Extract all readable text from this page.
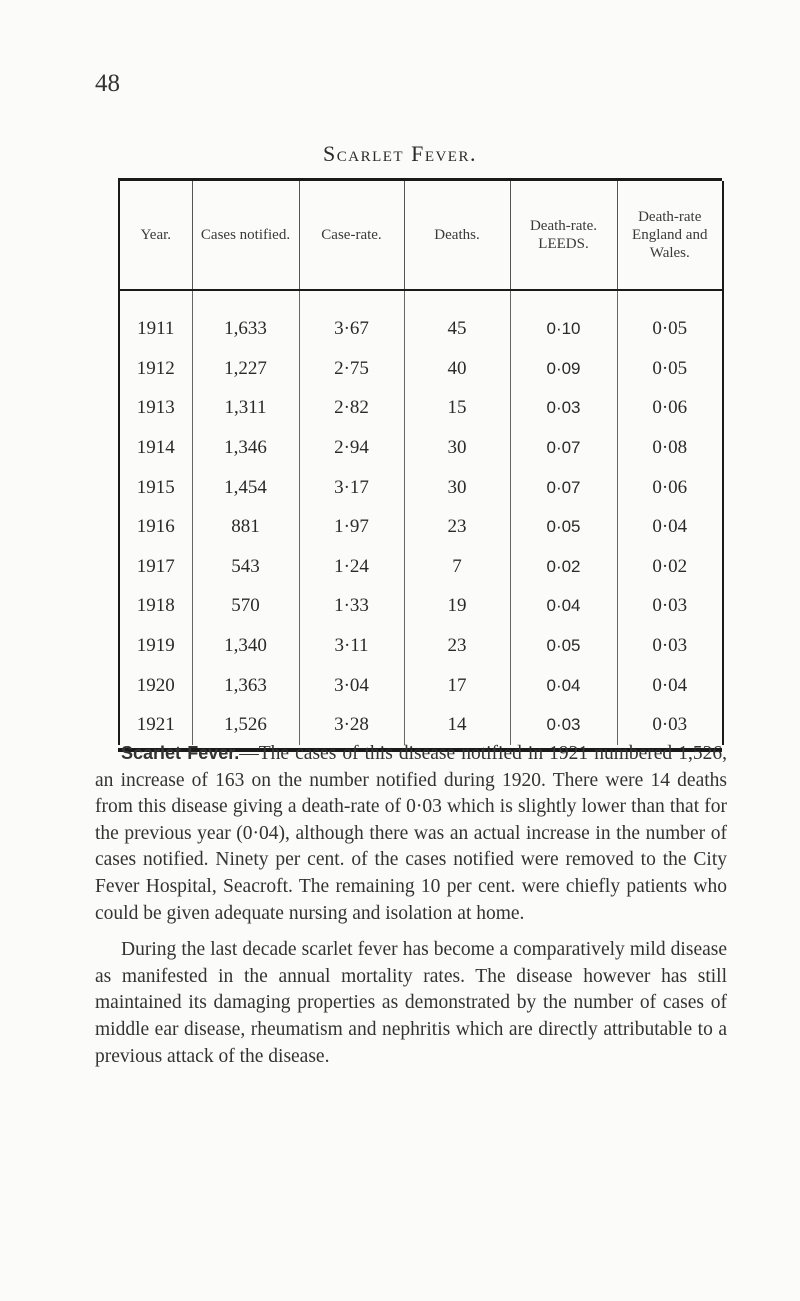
48
Scarlet Fever.
Year.	Cases notified.	Case-rate.	Deaths.	Death-rate. LEEDS.	Death-rate England and Wales.
1911	1,633	3·67	45	0·10	0·05
1912	1,227	2·75	40	0·09	0·05
1913	1,311	2·82	15	0·03	0·06
1914	1,346	2·94	30	0·07	0·08
1915	1,454	3·17	30	0·07	0·06
1916	881	1·97	23	0·05	0·04
1917	543	1·24	7	0·02	0·02
1918	570	1·33	19	0·04	0·03
1919	1,340	3·11	23	0·05	0·03
1920	1,363	3·04	17	0·04	0·04
1921	1,526	3·28	14	0·03	0·03

Scarlet Fever.—The cases of this disease notified in 1921 numbered 1,526, an increase of 163 on the number notified during 1920. There were 14 deaths from this disease giving a death-rate of 0·03 which is slightly lower than that for the previous year (0·04), although there was an actual increase in the number of cases notified. Ninety per cent. of the cases notified were removed to the City Fever Hospital, Seacroft. The remaining 10 per cent. were chiefly patients who could be given adequate nursing and isolation at home.

During the last decade scarlet fever has become a comparatively mild disease as manifested in the annual mortality rates. The disease however has still maintained its damaging properties as demonstrated by the number of cases of middle ear disease, rheumatism and nephritis which are directly attributable to a previous attack of the disease.
